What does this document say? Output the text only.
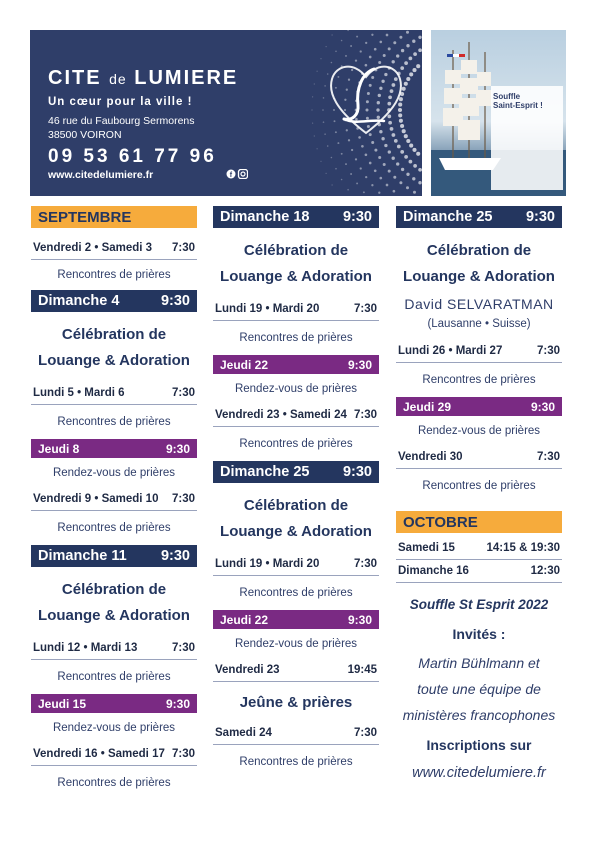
CITE de LUMIERE
Un cœur pour la ville !
46 rue du Faubourg Sermorens
38500 VOIRON
09 53 61 77 96
www.citedelumiere.fr	f
Souffle
Saint-Esprit !
SEPTEMBRE
Vendredi 2 • Samedi 3 7:30
Rencontres de prières
Dimanche 4	9:30
Célébration de
Louange & Adoration
Lundi 5 • Mardi 6	7:30
Rencontres de prières
Jeudi 8	9:30
Rendez-vous de prières
Vendredi 9 • Samedi 10 7:30
Rencontres de prières
Dimanche 11 9:30
Célébration de
Louange & Adoration
Lundi 12 • Mardi 13	7:30
Rencontres de prières
Jeudi 15	9:30
Rendez-vous de prières
Vendredi 16 • Samedi 17 7:30
Rencontres de prières
Dimanche 18 9:30
Célébration de
Louange & Adoration
Lundi 19 • Mardi 20	7:30
Rencontres de prières
Jeudi 22	9:30
Rendez-vous de prières
Vendredi 23 • Samedi 24 7:30
Rencontres de prières
Dimanche 25 9:30
Célébration de
Louange & Adoration
Lundi 19 • Mardi 20	7:30
Rencontres de prières
Jeudi 22	9:30
Rendez-vous de prières
Vendredi 23	19:45
Jeûne & prières
Samedi 24	7:30
Rencontres de prières
Dimanche 25 9:30
Célébration de
Louange & Adoration
David SELVARATMAN
(Lausanne • Suisse)
Lundi 26 • Mardi 27	7:30
Rencontres de prières
Jeudi 29	9:30
Rendez-vous de prières
Vendredi 30	7:30
Rencontres de prières
OCTOBRE
Samedi 15	14:15 & 19:30
Dimanche 16	12:30
Souffle St Esprit 2022
Invités :
Martin Bühlmann et
toute une équipe de
ministères francophones
Inscriptions sur
www.citedelumiere.fr
